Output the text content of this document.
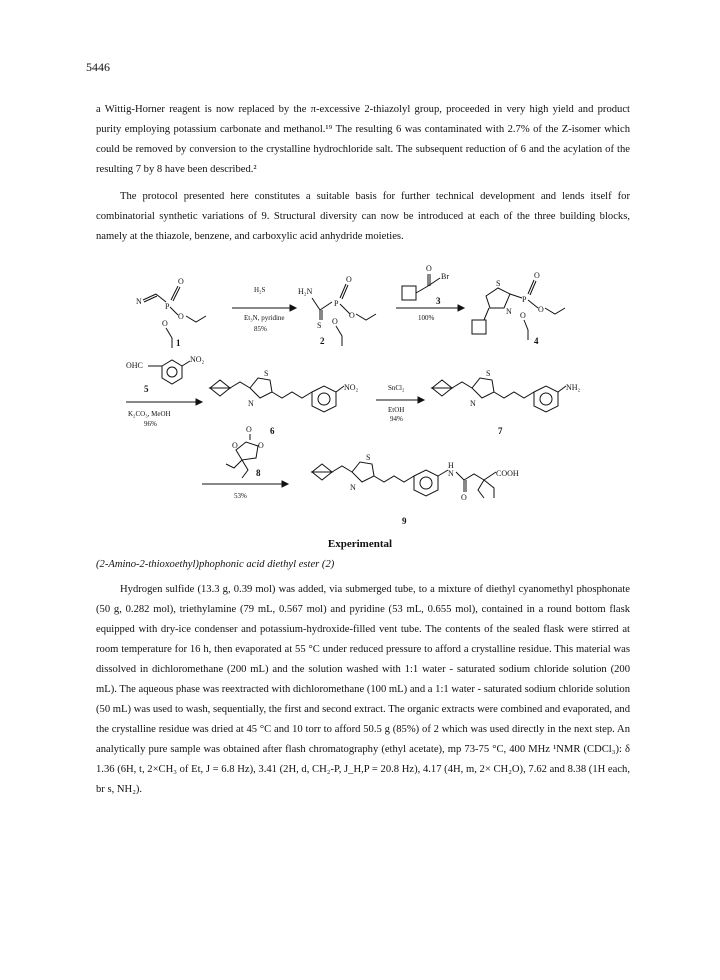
5446
a Wittig-Horner reagent is now replaced by the π-excessive 2-thiazolyl group, proceeded in very high yield and product purity employing potassium carbonate and methanol.¹⁹ The resulting 6 was contaminated with 2.7% of the Z-isomer which could be removed by conversion to the crystalline hydrochloride salt. The subsequent reduction of 6 and the acylation of the resulting 7 by 8 have been described.²
The protocol presented here constitutes a suitable basis for further technical development and lends itself for combinatorial synthetic variations of 9. Structural diversity can now be introduced at each of the three building blocks, namely at the thiazole, benzene, and carboxylic acid anhydride moieties.
N
P
O
O
O
1
H₂S
Et₃N, pyridine
85%
H₂N
S
P
O
O
O
2
O
Br
3
100%
S
N
P
O
O
O
4
OHC
NO₂
5
K₂CO₃, MeOH
96%
S
N
NO₂
6
SnCl₂
EtOH
94%
S
N
NH₂
7
O	O
O
8
53%
S
N
H
N
O
COOH
9
Experimental
(2-Amino-2-thioxoethyl)phophonic acid diethyl ester (2)
Hydrogen sulfide (13.3 g, 0.39 mol) was added, via submerged tube, to a mixture of diethyl cyanomethyl phosphonate (50 g, 0.282 mol), triethylamine (79 mL, 0.567 mol) and pyridine (53 mL, 0.655 mol), contained in a round bottom flask equipped with dry-ice condenser and potassium-hydroxide-filled vent tube. The contents of the sealed flask were stirred at room temperature for 16 h, then evaporated at 55 °C under reduced pressure to afford a crystalline residue. This material was dissolved in dichloromethane (200 mL) and the solution washed with 1:1 water - saturated sodium chloride solution (200 mL). The aqueous phase was reextracted with dichloromethane (100 mL) and a 1:1 water - saturated sodium chloride solution (50 mL) was used to wash, sequentially, the first and second extract. The organic extracts were combined and evaporated, and the crystalline residue was dried at 45 °C and 10 torr to afford 50.5 g (85%) of 2 which was used directly in the next step. An analytically pure sample was obtained after flash chromatography (ethyl acetate), mp 73-75 °C, 400 MHz ¹NMR (CDCl₃): δ 1.36 (6H, t, 2×CH₃ of Et, J = 6.8 Hz), 3.41 (2H, d, CH₂-P, J_H,P = 20.8 Hz), 4.17 (4H, m, 2× CH₂O), 7.62 and 8.38 (1H each, br s, NH₂).
